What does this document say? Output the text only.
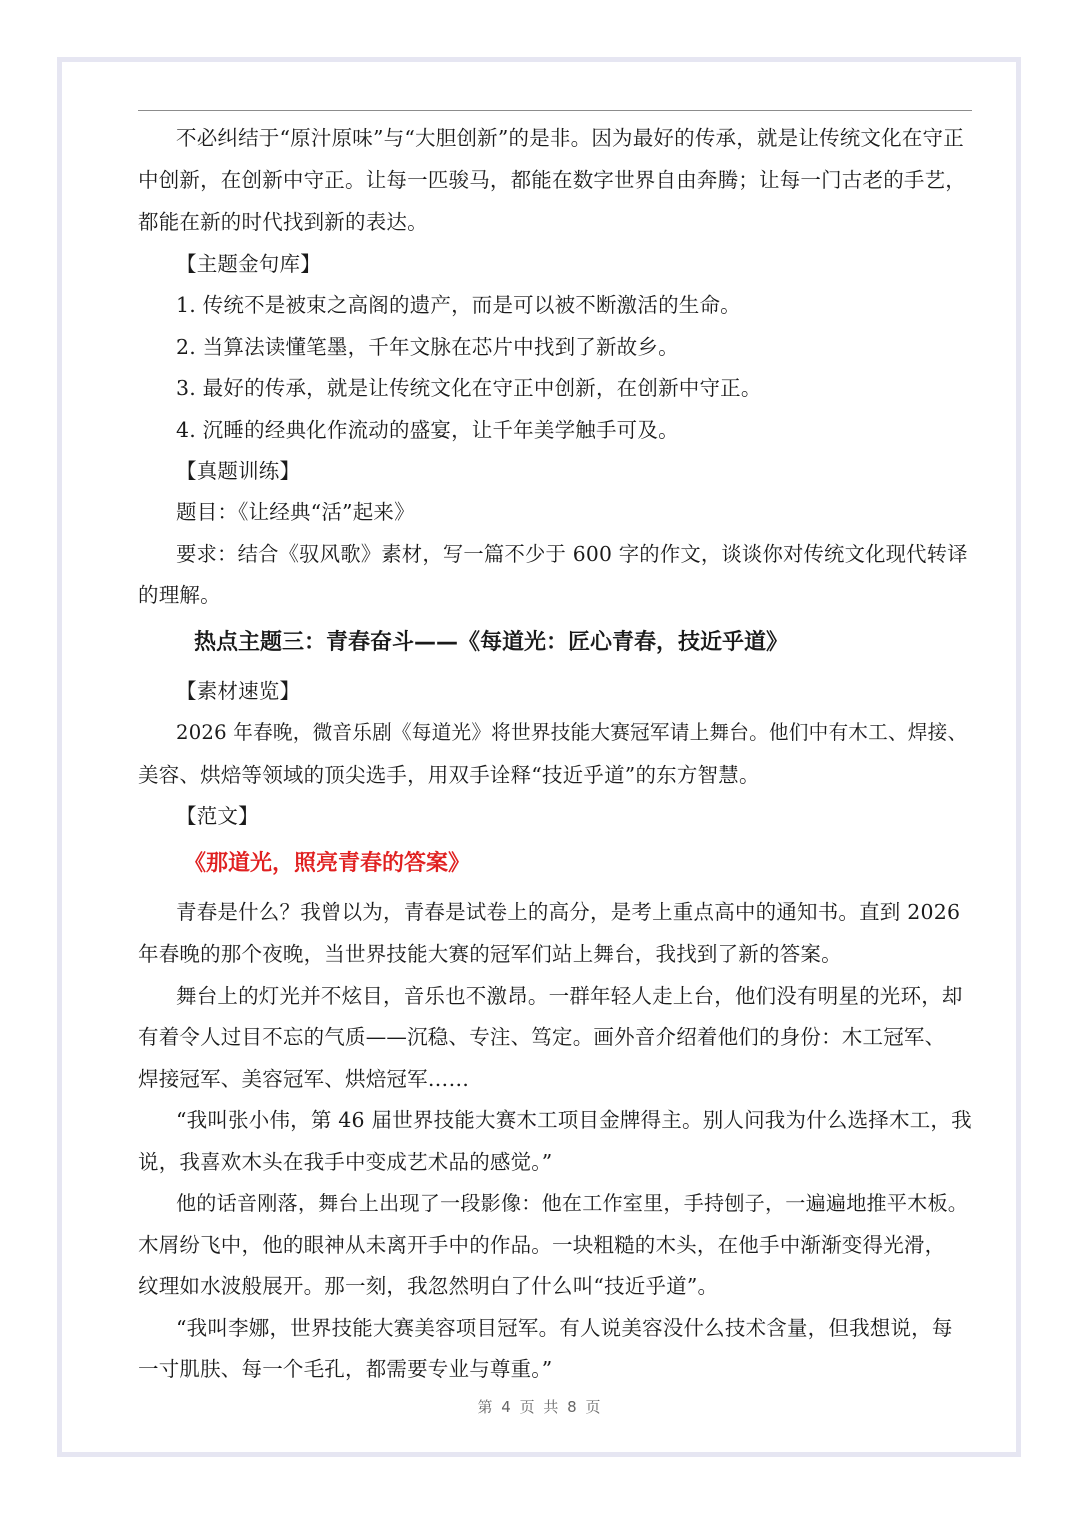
不必纠结于“原汁原味”与“大胆创新”的是非。因为最好的传承，就是让传统文化在守正
中创新，在创新中守正。让每一匹骏马，都能在数字世界自由奔腾；让每一门古老的手艺，
都能在新的时代找到新的表达。
【主题金句库】
1. 传统不是被束之高阁的遗产，而是可以被不断激活的生命。
2. 当算法读懂笔墨，千年文脉在芯片中找到了新故乡。
3. 最好的传承，就是让传统文化在守正中创新，在创新中守正。
4. 沉睡的经典化作流动的盛宴，让千年美学触手可及。
【真题训练】
题目：《让经典“活”起来》
要求：结合《驭风歌》素材，写一篇不少于 600 字的作文，谈谈你对传统文化现代转译
的理解。
热点主题三：青春奋斗——《每道光：匠心青春，技近乎道》
【素材速览】
2026 年春晚，微音乐剧《每道光》将世界技能大赛冠军请上舞台。他们中有木工、焊接、
美容、烘焙等领域的顶尖选手，用双手诠释“技近乎道”的东方智慧。
【范文】
《那道光，照亮青春的答案》
青春是什么？我曾以为，青春是试卷上的高分，是考上重点高中的通知书。直到 2026
年春晚的那个夜晚，当世界技能大赛的冠军们站上舞台，我找到了新的答案。
舞台上的灯光并不炫目，音乐也不激昂。一群年轻人走上台，他们没有明星的光环，却
有着令人过目不忘的气质——沉稳、专注、笃定。画外音介绍着他们的身份：木工冠军、
焊接冠军、美容冠军、烘焙冠军……
“我叫张小伟，第 46 届世界技能大赛木工项目金牌得主。别人问我为什么选择木工，我
说，我喜欢木头在我手中变成艺术品的感觉。”
他的话音刚落，舞台上出现了一段影像：他在工作室里，手持刨子，一遍遍地推平木板。
木屑纷飞中，他的眼神从未离开手中的作品。一块粗糙的木头，在他手中渐渐变得光滑，
纹理如水波般展开。那一刻，我忽然明白了什么叫“技近乎道”。
“我叫李娜，世界技能大赛美容项目冠军。有人说美容没什么技术含量，但我想说，每
一寸肌肤、每一个毛孔，都需要专业与尊重。”
第 4 页 共 8 页
